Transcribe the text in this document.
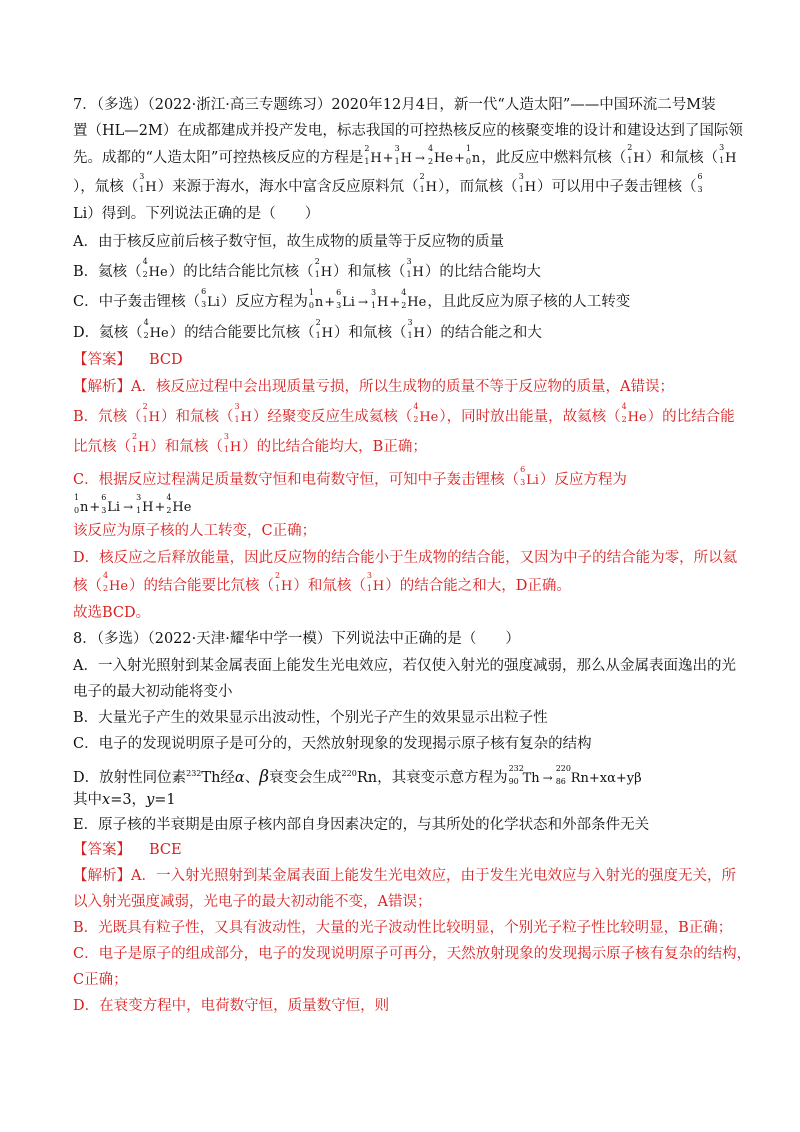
7．（多选）（2022·浙江·高三专题练习）2020年12月4日，新一代“人造太阳”——中国环流二号M装
置（HL—2M）在成都建成并投产发电，标志我国的可控热核反应的核聚变堆的设计和建设达到了国际领
先。成都的“人造太阳”可控热核反应的方程是
2
1 H+
3
1 H →
4
2 He+
1
0 n，此反应中燃料氘核（
2
1 H）和氚核（
3
1 H
），氚核（
3
1 H）来源于海水，海水中富含反应原料氘（
2
1 H），而氚核（
3
1 H）可以用中子轰击锂核（
6
3
Li）得到。下列说法正确的是（　　）
A．由于核反应前后核子数守恒，故生成物的质量等于反应物的质量
B．氦核（
4
2 He）的比结合能比氘核（
2
1 H）和氚核（
3
1 H）的比结合能均大
C．中子轰击锂核（
6
3 Li）反应方程为
1
0 n+
6
3 Li →
3
1 H+
4
2 He，且此反应为原子核的人工转变
D．氦核（
4
2 He）的结合能要比氘核（
2
1 H）和氚核（
3
1 H）的结合能之和大
【答案】 BCD
【解析】A．核反应过程中会出现质量亏损，所以生成物的质量不等于反应物的质量，A错误；
B．氘核（
2
1 H）和氚核（
3
1 H）经聚变反应生成氦核（
4
2 He），同时放出能量，故氦核（
4
2 He）的比结合能
比氘核（
2
1 H）和氚核（
3
1 H）的比结合能均大，B正确；
C．根据反应过程满足质量数守恒和电荷数守恒，可知中子轰击锂核（
6
3 Li）反应方程为
1
0 n+
6
3 Li →
3
1 H+
4
2 He
该反应为原子核的人工转变，C正确；
D．核反应之后释放能量，因此反应物的结合能小于生成物的结合能，又因为中子的结合能为零，所以氦
核（
4
2 He）的结合能要比氘核（
2
1 H）和氚核（
3
1 H）的结合能之和大，D正确。
故选BCD。
8．（多选）（2022·天津·耀华中学一模）下列说法中正确的是（　　）
A．一入射光照射到某金属表面上能发生光电效应，若仅使入射光的强度减弱，那么从金属表面逸出的光
电子的最大初动能将变小
B．大量光子产生的效果显示出波动性，个别光子产生的效果显示出粒子性
C．电子的发现说明原子是可分的，天然放射现象的发现揭示原子核有复杂的结构
D．放射性同位素$^{232}$Th经α、β衰变会生成$^{220}$Rn，其衰变示意方程为
232
90 Th →
220
86 Rn+xα+yβ
其中x=3，y=1
E．原子核的半衰期是由原子核内部自身因素决定的，与其所处的化学状态和外部条件无关
【答案】 BCE
【解析】A．一入射光照射到某金属表面上能发生光电效应，由于发生光电效应与入射光的强度无关，所
以入射光强度减弱，光电子的最大初动能不变，A错误；
B．光既具有粒子性，又具有波动性，大量的光子波动性比较明显，个别光子粒子性比较明显，B正确；
C．电子是原子的组成部分，电子的发现说明原子可再分，天然放射现象的发现揭示原子核有复杂的结构，
C正确；
D．在衰变方程中，电荷数守恒，质量数守恒，则
